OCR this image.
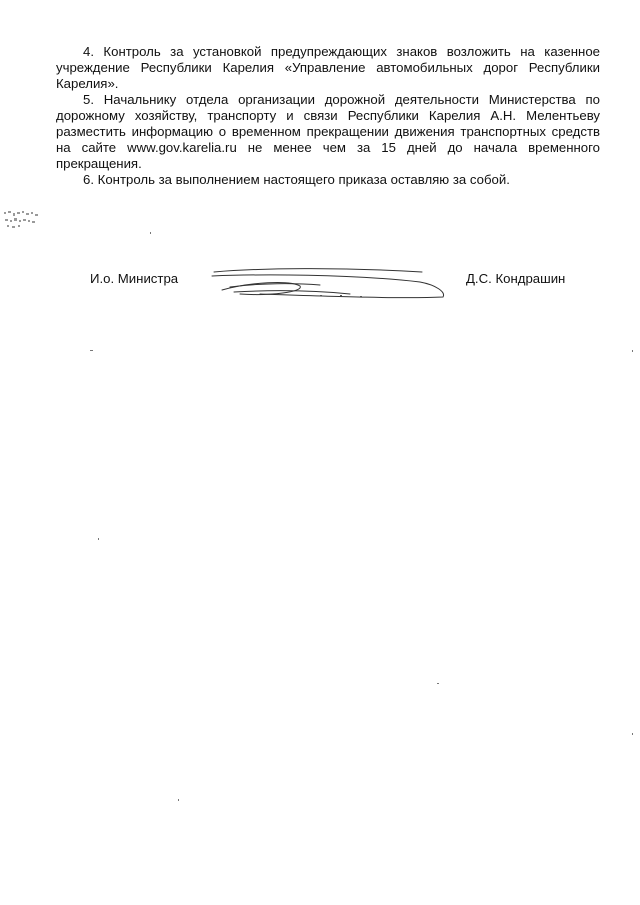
4. Контроль за установкой предупреждающих знаков возложить на казенное учреждение Республики Карелия «Управление автомобильных дорог Республики Карелия».

5. Начальнику отдела организации дорожной деятельности Министерства по дорожному хозяйству, транспорту и связи Республики Карелия А.Н. Мелентьеву разместить информацию о временном прекращении движения транспортных средств на сайте www.gov.karelia.ru не менее чем за 15 дней до начала временного прекращения.

6. Контроль за выполнением настоящего приказа оставляю за собой.

И.о. Министра	Д.С. Кондрашин
